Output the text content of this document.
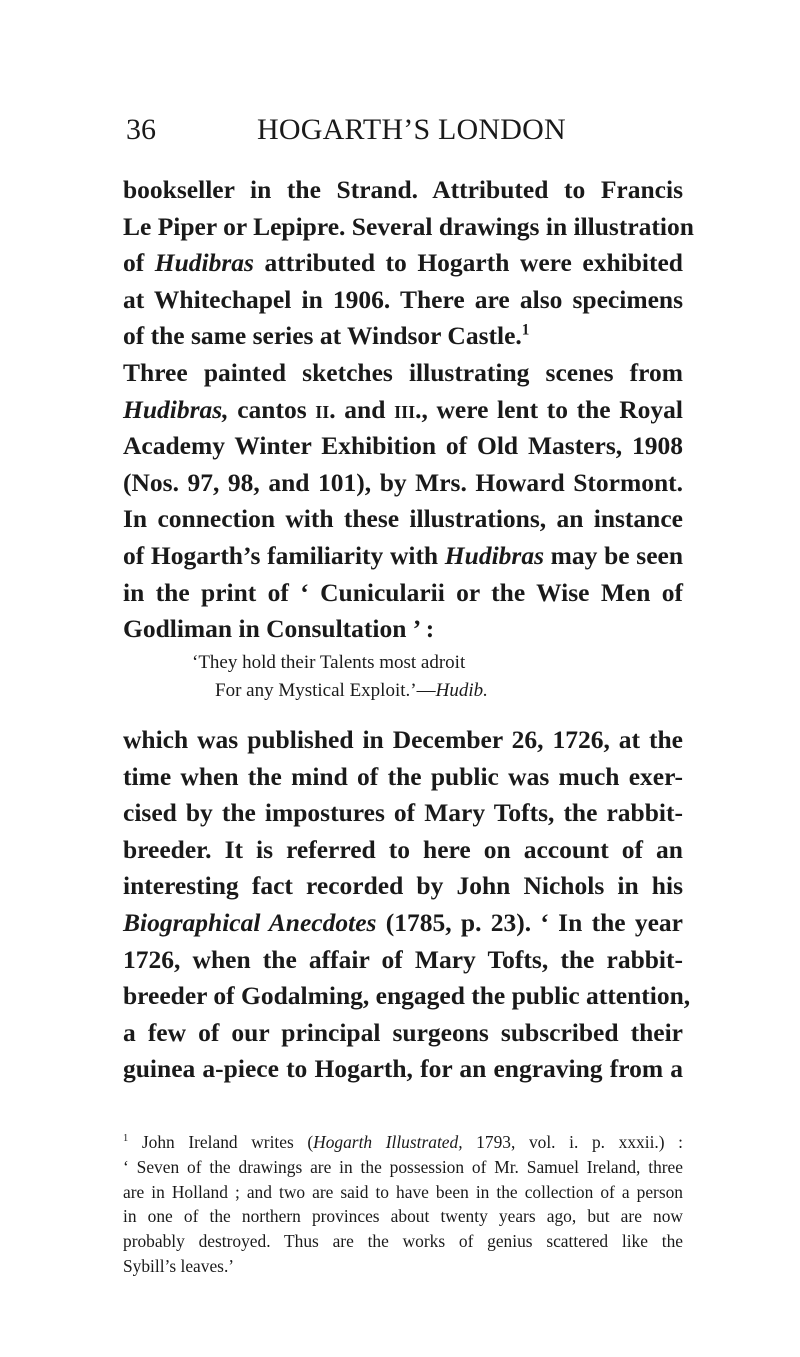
36	HOGARTH’S LONDON
bookseller in the Strand. Attributed to Francis
Le Piper or Lepipre. Several drawings in illustration
of Hudibras attributed to Hogarth were exhibited
at Whitechapel in 1906. There are also specimens
of the same series at Windsor Castle.$^1$
Three painted sketches illustrating scenes from
Hudibras, cantos ii. and iii., were lent to the Royal
Academy Winter Exhibition of Old Masters, 1908
(Nos. 97, 98, and 101), by Mrs. Howard Stormont.
In connection with these illustrations, an instance
of Hogarth’s familiarity with Hudibras may be seen
in the print of ‘ Cunicularii or the Wise Men of
Godliman in Consultation ’ :
‘They hold their Talents most adroit
For any Mystical Exploit.’—Hudib.
which was published in December 26, 1726, at the
time when the mind of the public was much exer-
cised by the impostures of Mary Tofts, the rabbit-
breeder. It is referred to here on account of an
interesting fact recorded by John Nichols in his
Biographical Anecdotes (1785, p. 23). ‘ In the year
1726, when the affair of Mary Tofts, the rabbit-
breeder of Godalming, engaged the public attention,
a few of our principal surgeons subscribed their
guinea a-piece to Hogarth, for an engraving from a
$^1$ John Ireland writes (Hogarth Illustrated, 1793, vol. i. p. xxxii.) :
‘ Seven of the drawings are in the possession of Mr. Samuel Ireland, three
are in Holland ; and two are said to have been in the collection of a person
in one of the northern provinces about twenty years ago, but are now
probably destroyed. Thus are the works of genius scattered like the
Sybill’s leaves.’
